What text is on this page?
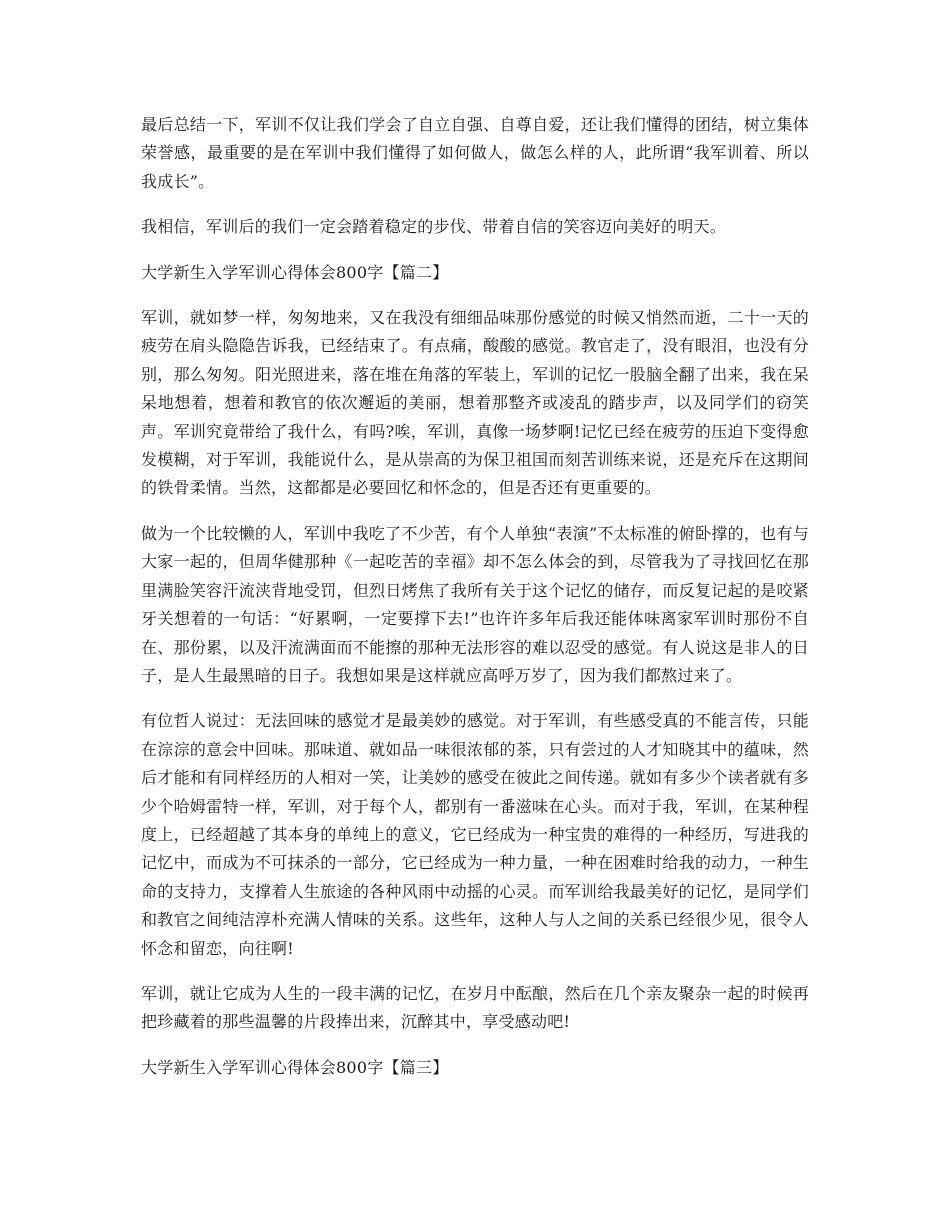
最后总结一下，军训不仅让我们学会了自立自强、自尊自爱，还让我们懂得的团结，树立集体荣誉感，最重要的是在军训中我们懂得了如何做人，做怎么样的人，此所谓“我军训着、所以我成长”。

我相信，军训后的我们一定会踏着稳定的步伐、带着自信的笑容迈向美好的明天。

大学新生入学军训心得体会800字【篇二】

军训，就如梦一样，匆匆地来，又在我没有细细品味那份感觉的时候又悄然而逝，二十一天的疲劳在肩头隐隐告诉我，已经结束了。有点痛，酸酸的感觉。教官走了，没有眼泪，也没有分别，那么匆匆。阳光照进来，落在堆在角落的军装上，军训的记忆一股脑全翻了出来，我在呆呆地想着，想着和教官的依次邂逅的美丽，想着那整齐或凌乱的踏步声，以及同学们的窃笑声。军训究竟带给了我什么，有吗?唉，军训，真像一场梦啊!记忆已经在疲劳的压迫下变得愈发模糊，对于军训，我能说什么，是从崇高的为保卫祖国而刻苦训练来说，还是充斥在这期间的铁骨柔情。当然，这都都是必要回忆和怀念的，但是否还有更重要的。

做为一个比较懒的人，军训中我吃了不少苦，有个人单独“表演”不太标准的俯卧撑的，也有与大家一起的，但周华健那种《一起吃苦的幸福》却不怎么体会的到，尽管我为了寻找回忆在那里满脸笑容汗流浃背地受罚，但烈日烤焦了我所有关于这个记忆的储存，而反复记起的是咬紧牙关想着的一句话：“好累啊，一定要撑下去!”也许许多年后我还能体味离家军训时那份不自在、那份累，以及汗流满面而不能擦的那种无法形容的难以忍受的感觉。有人说这是非人的日子，是人生最黑暗的日子。我想如果是这样就应高呼万岁了，因为我们都熬过来了。

有位哲人说过：无法回味的感觉才是最美妙的感觉。对于军训，有些感受真的不能言传，只能在淙淙的意会中回味。那味道、就如品一味很浓郁的茶，只有尝过的人才知晓其中的蕴味，然后才能和有同样经历的人相对一笑，让美妙的感受在彼此之间传递。就如有多少个读者就有多少个哈姆雷特一样，军训，对于每个人，都别有一番滋味在心头。而对于我，军训，在某种程度上，已经超越了其本身的单纯上的意义，它已经成为一种宝贵的难得的一种经历，写进我的记忆中，而成为不可抹杀的一部分，它已经成为一种力量，一种在困难时给我的动力，一种生命的支持力，支撑着人生旅途的各种风雨中动摇的心灵。而军训给我最美好的记忆，是同学们和教官之间纯洁淳朴充满人情味的关系。这些年，这种人与人之间的关系已经很少见，很令人怀念和留恋，向往啊!

军训，就让它成为人生的一段丰满的记忆，在岁月中酝酿，然后在几个亲友聚杂一起的时候再把珍藏着的那些温馨的片段捧出来，沉醉其中，享受感动吧!

大学新生入学军训心得体会800字【篇三】
